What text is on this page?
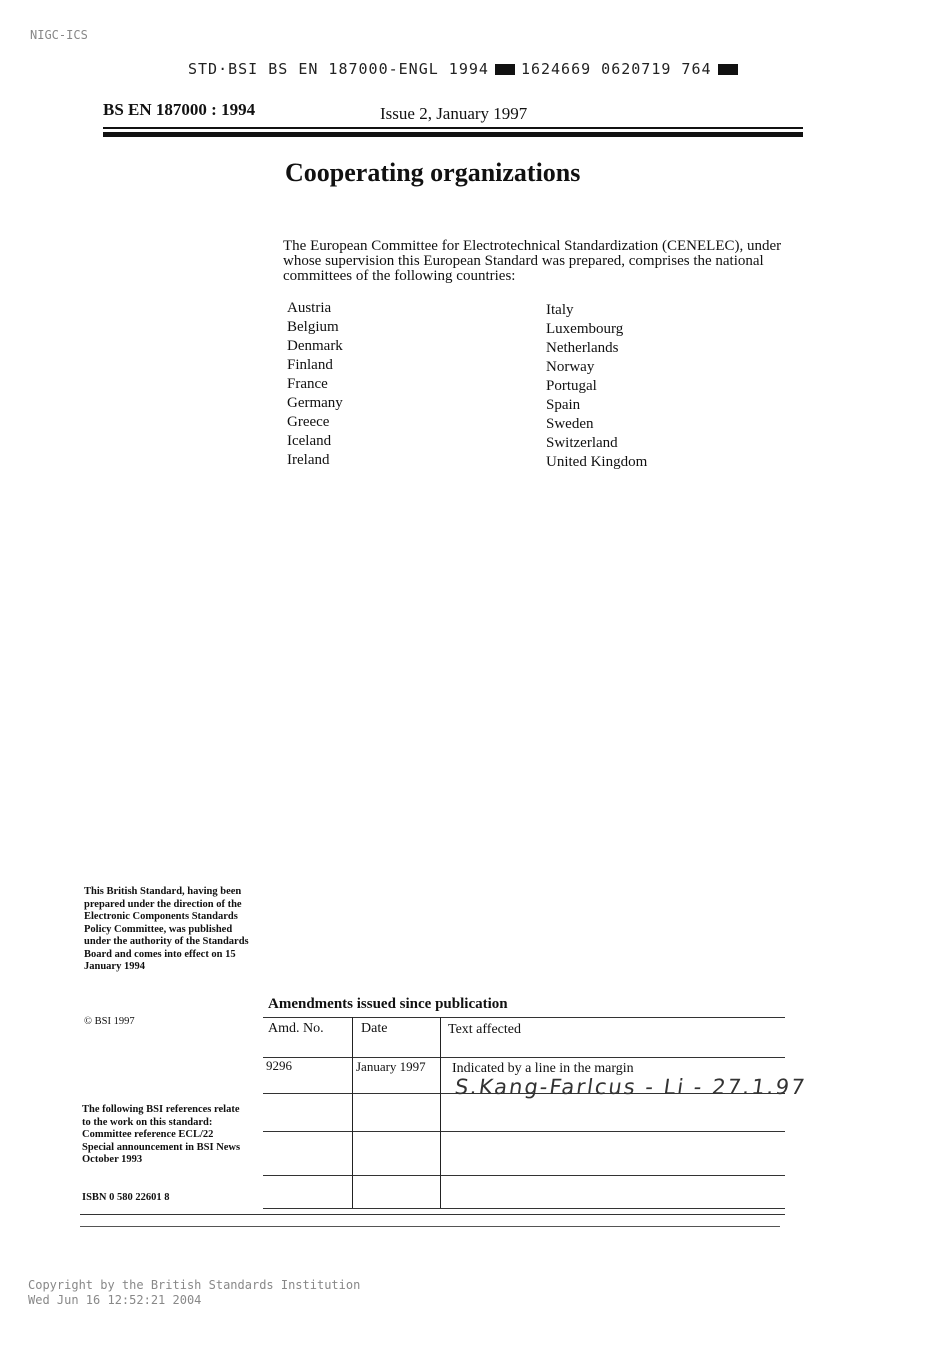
NIGC-ICS
STD·BSI BS EN 187000-ENGL 1994 1624669 0620719 764
BS EN 187000 : 1994	Issue 2, January 1997
Cooperating organizations
The European Committee for Electrotechnical Standardization (CENELEC), under whose supervision this European Standard was prepared, comprises the national committees of the following countries:
Austria
Belgium
Denmark
Finland
France
Germany
Greece
Iceland
Ireland
Italy
Luxembourg
Netherlands
Norway
Portugal
Spain
Sweden
Switzerland
United Kingdom
This British Standard, having been prepared under the direction of the Electronic Components Standards Policy Committee, was published under the authority of the Standards Board and comes into effect on 15 January 1994
© BSI 1997
The following BSI references relate to the work on this standard: Committee reference ECL/22 Special announcement in BSI News October 1993
ISBN 0 580 22601 8
Amendments issued since publication
Amd. No.	Date	Text affected
9296	January 1997 Indicated by a line in the margin
S.Kang-Farlcus - Li - 27.1.97
Copyright by the British Standards Institution
Wed Jun 16 12:52:21 2004
